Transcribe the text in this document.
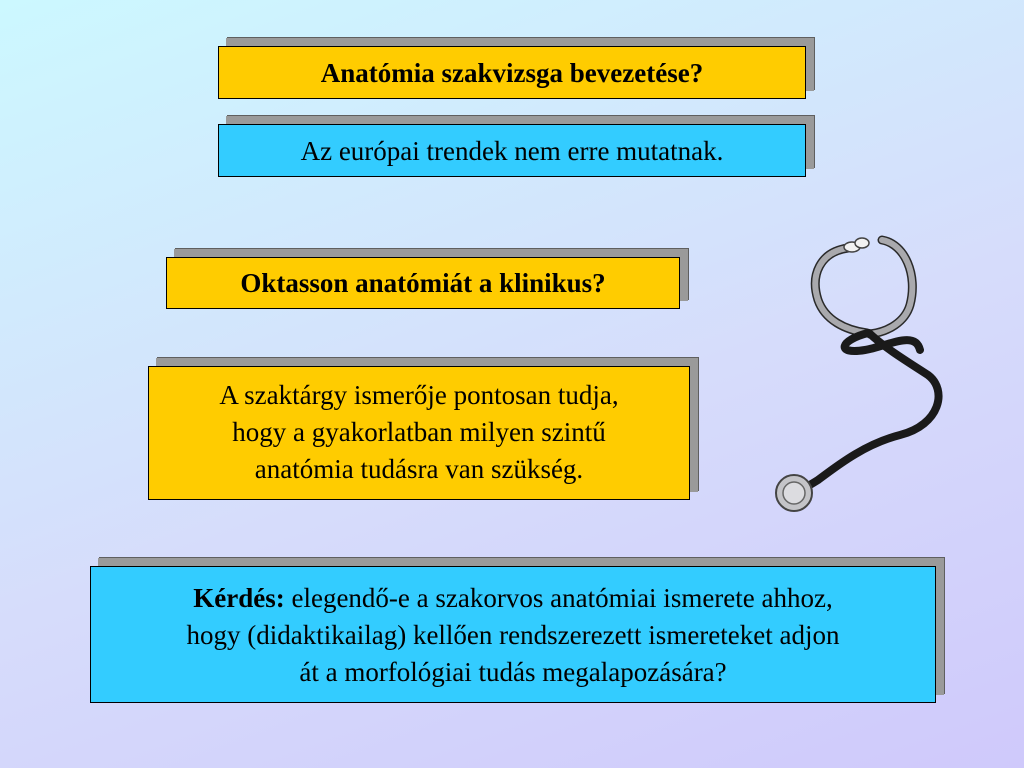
Anatómia szakvizsga bevezetése?
Az európai trendek nem erre mutatnak.
Oktasson anatómiát a klinikus?
A szaktárgy ismerője pontosan tudja,
hogy a gyakorlatban milyen szintű
anatómia tudásra van szükség.
Kérdés: elegendő-e a szakorvos anatómiai ismerete ahhoz,
hogy (didaktikailag) kellően rendszerezett ismereteket adjon
át a morfológiai tudás megalapozására?
